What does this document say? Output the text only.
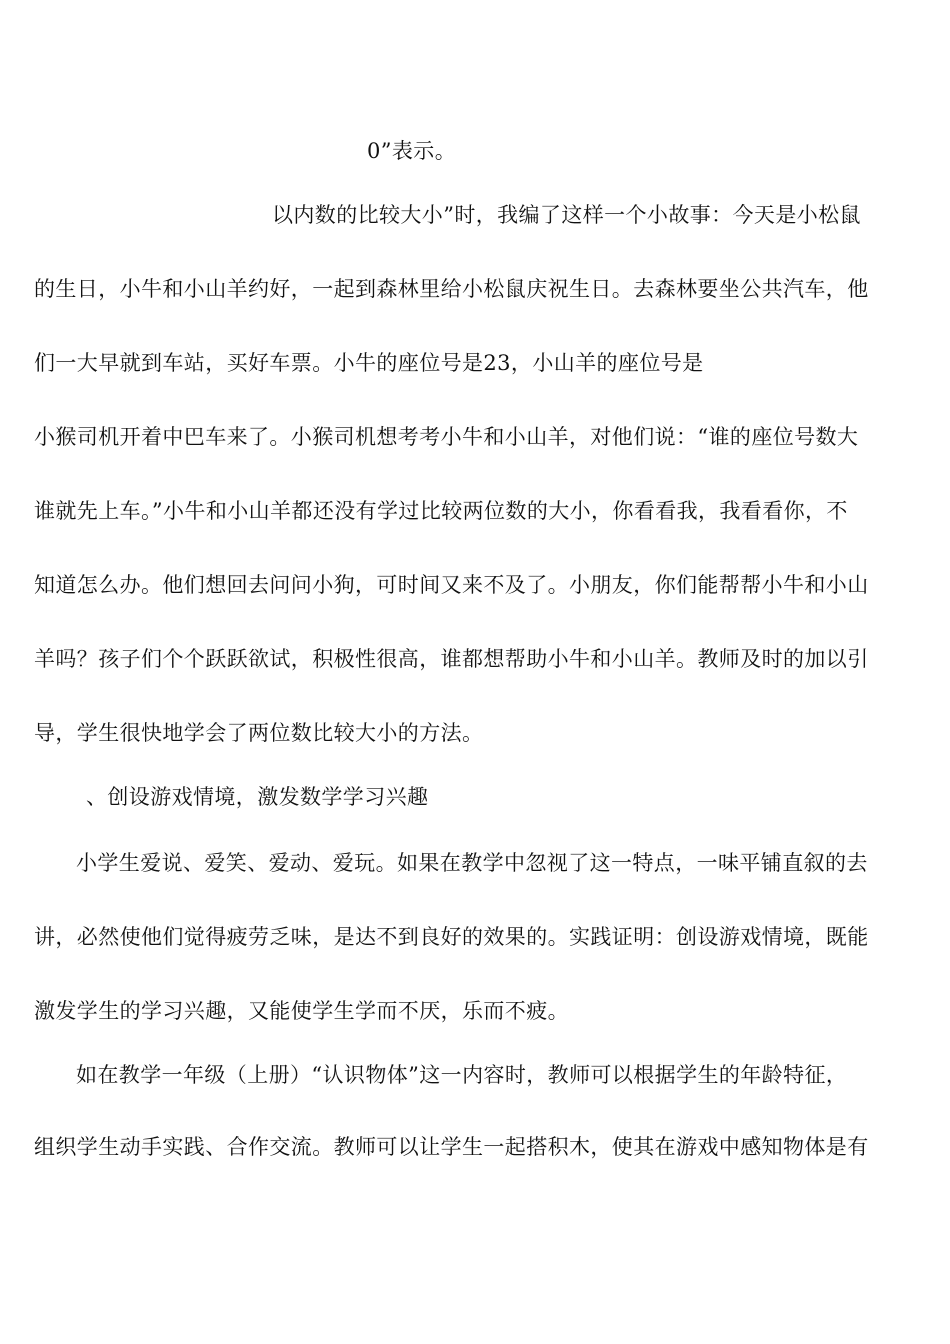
0”表示。
以内数的比较大小”时，我编了这样一个小故事：今天是小松鼠
的生日，小牛和小山羊约好，一起到森林里给小松鼠庆祝生日。去森林要坐公共汽车，他
们一大早就到车站，买好车票。小牛的座位号是23，小山羊的座位号是
小猴司机开着中巴车来了。小猴司机想考考小牛和小山羊，对他们说：“谁的座位号数大
谁就先上车。”小牛和小山羊都还没有学过比较两位数的大小，你看看我，我看看你，不
知道怎么办。他们想回去问问小狗，可时间又来不及了。小朋友，你们能帮帮小牛和小山
羊吗？孩子们个个跃跃欲试，积极性很高，谁都想帮助小牛和小山羊。教师及时的加以引
导，学生很快地学会了两位数比较大小的方法。
、创设游戏情境，激发数学学习兴趣
小学生爱说、爱笑、爱动、爱玩。如果在教学中忽视了这一特点，一味平铺直叙的去
讲，必然使他们觉得疲劳乏味，是达不到良好的效果的。实践证明：创设游戏情境，既能
激发学生的学习兴趣，又能使学生学而不厌，乐而不疲。
如在教学一年级（上册）“认识物体”这一内容时，教师可以根据学生的年龄特征，
组织学生动手实践、合作交流。教师可以让学生一起搭积木，使其在游戏中感知物体是有
